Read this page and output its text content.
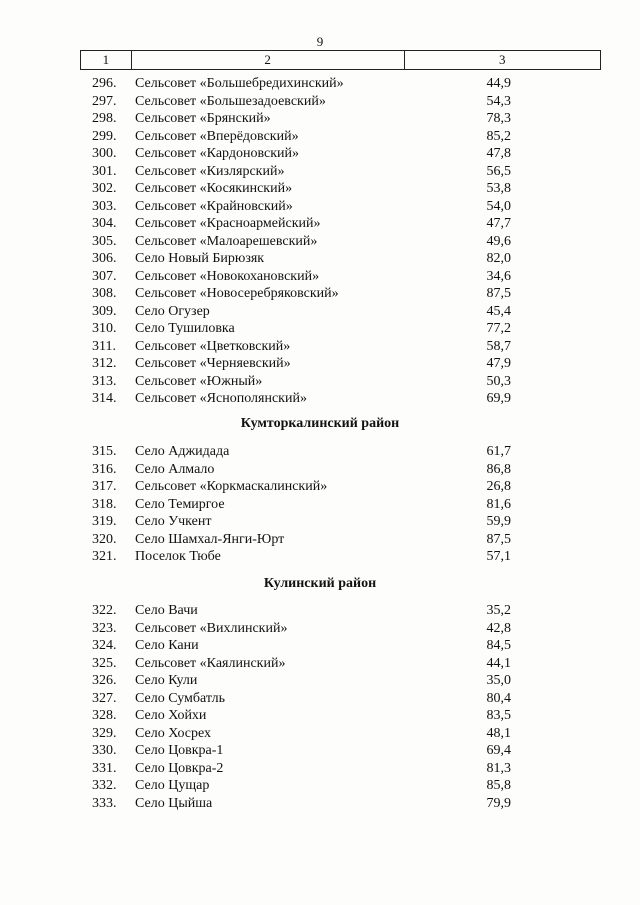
9
1	2	3
296.	Сельсовет «Большебредихинский»	44,9
297.	Сельсовет «Большезадоевский»	54,3
298.	Сельсовет «Брянский»	78,3
299.	Сельсовет «Вперёдовский»	85,2
300.	Сельсовет «Кардоновский»	47,8
301.	Сельсовет «Кизлярский»	56,5
302.	Сельсовет «Косякинский»	53,8
303.	Сельсовет «Крайновский»	54,0
304.	Сельсовет «Красноармейский»	47,7
305.	Сельсовет «Малоарешевский»	49,6
306.	Село Новый Бирюзяк	82,0
307.	Сельсовет «Новокохановский»	34,6
308.	Сельсовет «Новосеребряковский»	87,5
309.	Село Огузер	45,4
310.	Село Тушиловка	77,2
311.	Сельсовет «Цветковский»	58,7
312.	Сельсовет «Черняевский»	47,9
313.	Сельсовет «Южный»	50,3
314.	Сельсовет «Яснополянский»	69,9
315.	Село Аджидада	61,7
316.	Село Алмало	86,8
317.	Сельсовет «Коркмаскалинский»	26,8
318.	Село Темиргое	81,6
319.	Село Учкент	59,9
320.	Село Шамхал-Янги-Юрт	87,5
321.	Поселок Тюбе	57,1
322.	Село Вачи	35,2
323.	Сельсовет «Вихлинский»	42,8
324.	Село Кани	84,5
325.	Сельсовет «Каялинский»	44,1
326.	Село Кули	35,0
327.	Село Сумбатль	80,4
328.	Село Хойхи	83,5
329.	Село Хосрех	48,1
330.	Село Цовкра-1	69,4
331.	Село Цовкра-2	81,3
332.	Село Цущар	85,8
333.	Село Цыйша	79,9
Кумторкалинский район
Кулинский район
